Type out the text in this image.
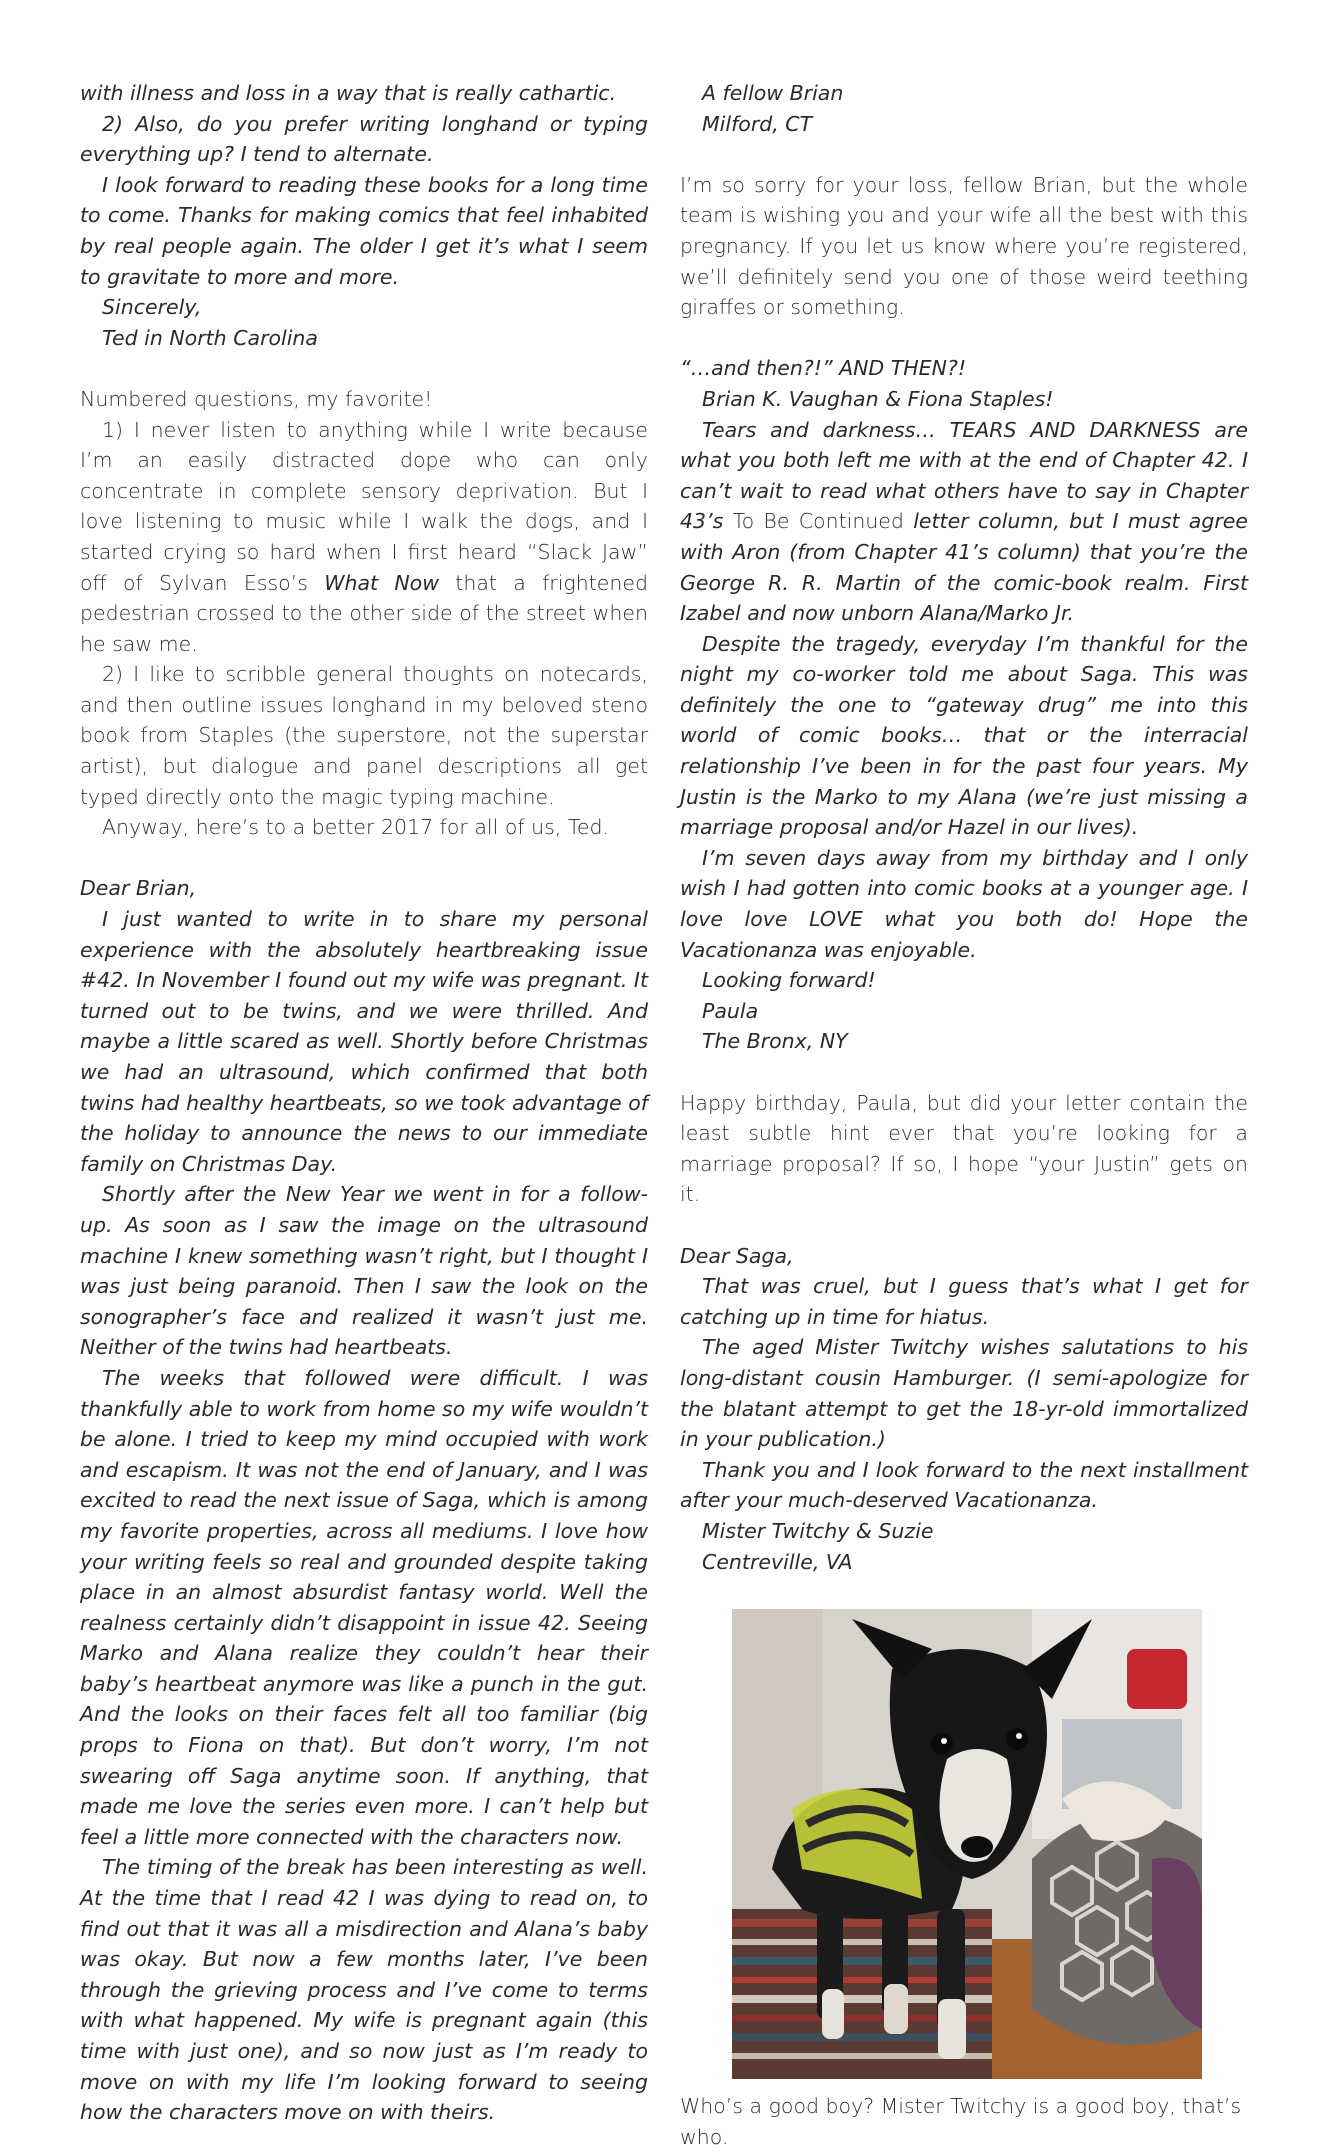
with illness and loss in a way that is really cathartic.

2) Also, do you prefer writing longhand or typing everything up? I tend to alternate.

I look forward to reading these books for a long time to come. Thanks for making comics that feel inhabited by real people again. The older I get it’s what I seem to gravitate to more and more.

Sincerely,

Ted in North Carolina

Numbered questions, my favorite!

1) I never listen to anything while I write because I’m an easily distracted dope who can only concentrate in complete sensory deprivation. But I love listening to music while I walk the dogs, and I started crying so hard when I first heard “Slack Jaw” off of Sylvan Esso’s What Now that a frightened pedestrian crossed to the other side of the street when he saw me.

2) I like to scribble general thoughts on notecards, and then outline issues longhand in my beloved steno book from Staples (the superstore, not the superstar artist), but dialogue and panel descriptions all get typed directly onto the magic typing machine.

Anyway, here’s to a better 2017 for all of us, Ted.

Dear Brian,

I just wanted to write in to share my personal experience with the absolutely heartbreaking issue #42. In November I found out my wife was pregnant. It turned out to be twins, and we were thrilled. And maybe a little scared as well. Shortly before Christmas we had an ultrasound, which confirmed that both twins had healthy heartbeats, so we took advantage of the holiday to announce the news to our immediate family on Christmas Day.

Shortly after the New Year we went in for a follow-up. As soon as I saw the image on the ultrasound machine I knew something wasn’t right, but I thought I was just being paranoid. Then I saw the look on the sonographer’s face and realized it wasn’t just me. Neither of the twins had heartbeats.

The weeks that followed were difficult. I was thankfully able to work from home so my wife wouldn’t be alone. I tried to keep my mind occupied with work and escapism. It was not the end of January, and I was excited to read the next issue of Saga, which is among my favorite properties, across all mediums. I love how your writing feels so real and grounded despite taking place in an almost absurdist fantasy world. Well the realness certainly didn’t disappoint in issue 42. Seeing Marko and Alana realize they couldn’t hear their baby’s heartbeat anymore was like a punch in the gut. And the looks on their faces felt all too familiar (big props to Fiona on that). But don’t worry, I’m not swearing off Saga anytime soon. If anything, that made me love the series even more. I can’t help but feel a little more connected with the characters now.

The timing of the break has been interesting as well. At the time that I read 42 I was dying to read on, to find out that it was all a misdirection and Alana’s baby was okay. But now a few months later, I’ve been through the grieving process and I’ve come to terms with what happened. My wife is pregnant again (this time with just one), and so now just as I’m ready to move on with my life I’m looking forward to seeing how the characters move on with theirs.

A fellow Brian

Milford, CT

I’m so sorry for your loss, fellow Brian, but the whole team is wishing you and your wife all the best with this pregnancy. If you let us know where you’re registered, we’ll definitely send you one of those weird teething giraffes or something.

“…and then?!” AND THEN?!

Brian K. Vaughan & Fiona Staples!

Tears and darkness… TEARS AND DARKNESS are what you both left me with at the end of Chapter 42. I can’t wait to read what others have to say in Chapter 43’s To Be Continued letter column, but I must agree with Aron (from Chapter 41’s column) that you’re the George R. R. Martin of the comic-book realm. First Izabel and now unborn Alana/Marko Jr.

Despite the tragedy, everyday I’m thankful for the night my co-worker told me about Saga. This was definitely the one to “gateway drug” me into this world of comic books… that or the interracial relationship I’ve been in for the past four years. My Justin is the Marko to my Alana (we’re just missing a marriage proposal and/or Hazel in our lives).

I’m seven days away from my birthday and I only wish I had gotten into comic books at a younger age. I love love LOVE what you both do! Hope the Vacationanza was enjoyable.

Looking forward!

Paula

The Bronx, NY

Happy birthday, Paula, but did your letter contain the least subtle hint ever that you’re looking for a marriage proposal? If so, I hope “your Justin” gets on it.

Dear Saga,

That was cruel, but I guess that’s what I get for catching up in time for hiatus.

The aged Mister Twitchy wishes salutations to his long-distant cousin Hamburger. (I semi-apologize for the blatant attempt to get the 18-yr-old immortalized in your publication.)

Thank you and I look forward to the next installment after your much-deserved Vacationanza.

Mister Twitchy & Suzie

Centreville, VA

Who’s a good boy? Mister Twitchy is a good boy, that’s who.
